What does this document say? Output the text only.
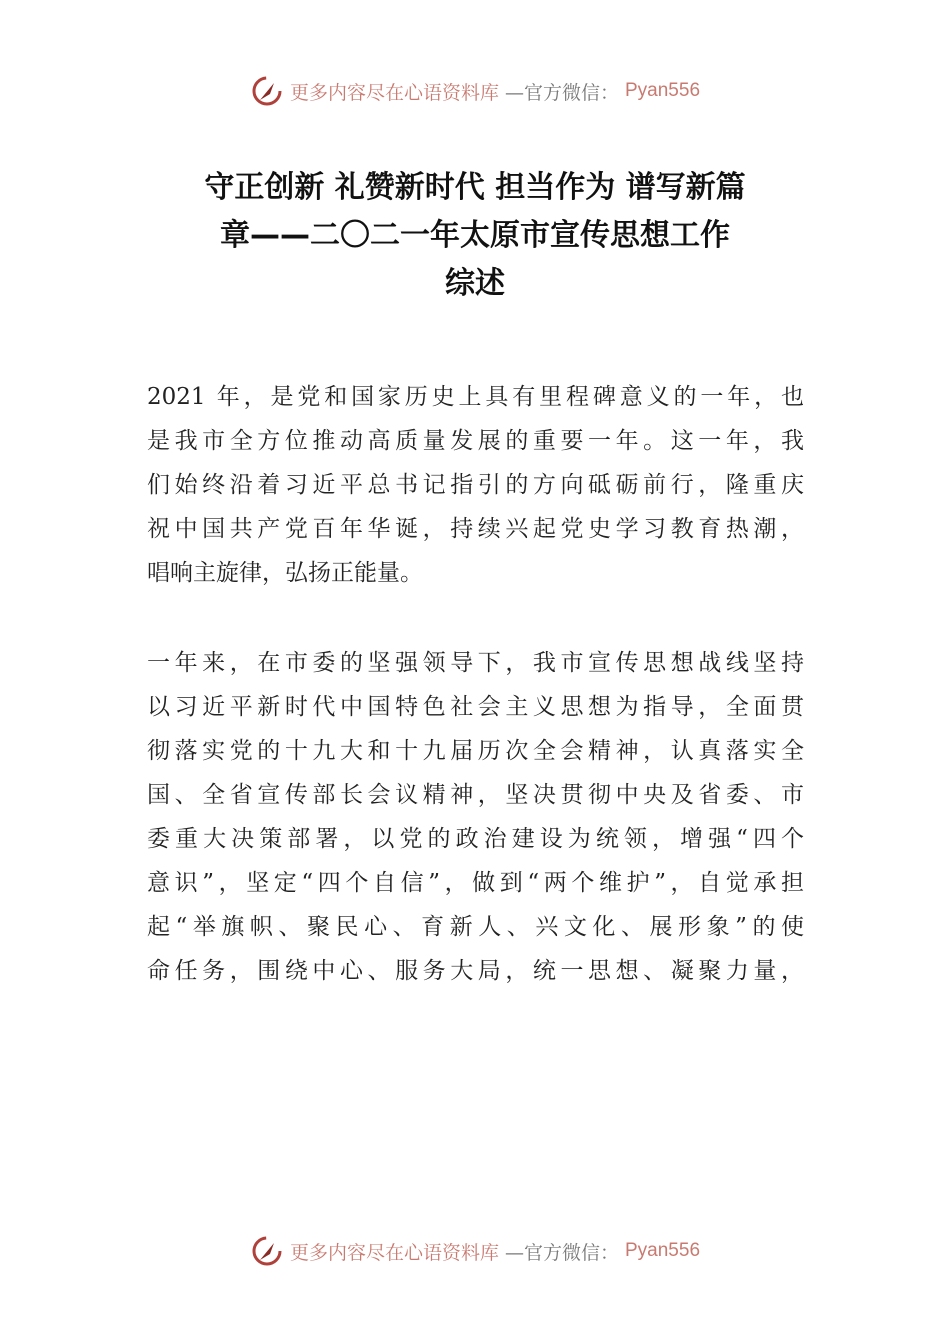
更多内容尽在心语资料库 —官方微信： Pyan556
守正创新 礼赞新时代 担当作为 谱写新篇
章——二〇二一年太原市宣传思想工作
综述
2021 年，是党和国家历史上具有里程碑意义的一年，也
是我市全方位推动高质量发展的重要一年。这一年，我
们始终沿着习近平总书记指引的方向砥砺前行，隆重庆
祝中国共产党百年华诞，持续兴起党史学习教育热潮，
唱响主旋律，弘扬正能量。
一年来，在市委的坚强领导下，我市宣传思想战线坚持
以习近平新时代中国特色社会主义思想为指导，全面贯
彻落实党的十九大和十九届历次全会精神，认真落实全
国、全省宣传部长会议精神，坚决贯彻中央及省委、市
委重大决策部署，以党的政治建设为统领，增强“四个
意识”，坚定“四个自信”，做到“两个维护”，自觉承担
起“举旗帜、聚民心、育新人、兴文化、展形象”的使
命任务，围绕中心、服务大局，统一思想、凝聚力量，
更多内容尽在心语资料库 —官方微信： Pyan556
